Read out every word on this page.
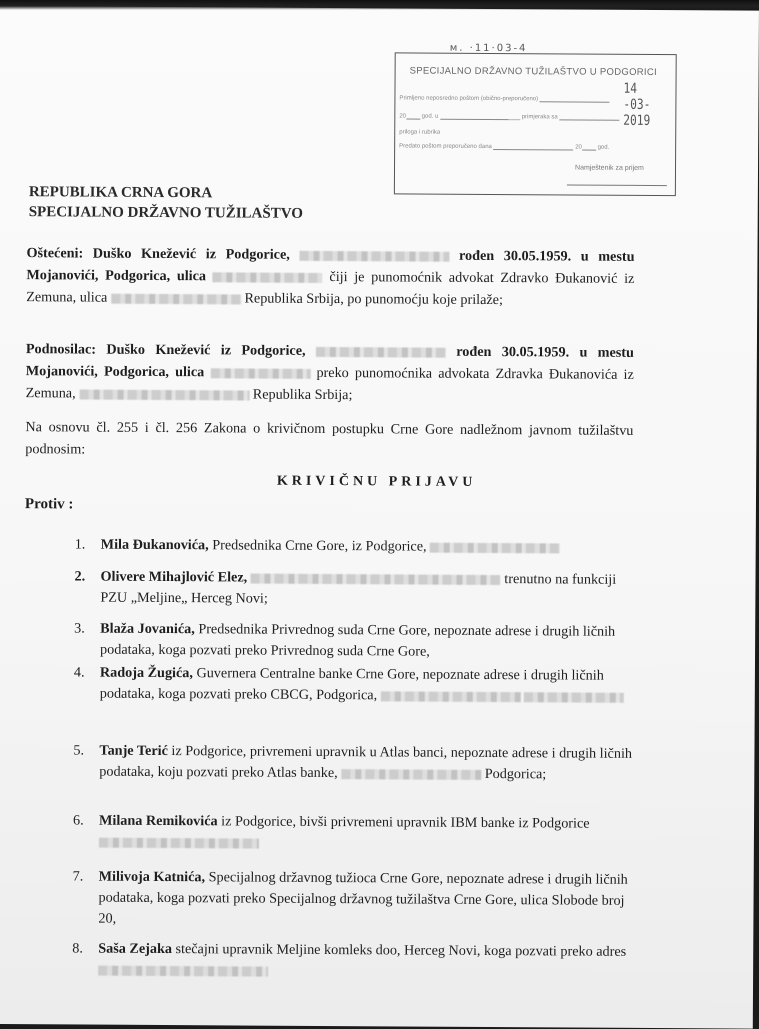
м. ·11·03-4
SPECIJALNO DRŽAVNO TUŽILAŠTVO U PODGORICI
14 -03- 2019
Primljeno neposredno poštom (obično-preporučeno)
20	god. u	primjeraka sa
priloga i rubrika
Predato poštom preporučeno dana	20	god.
Namještenik za prijem
REPUBLIKA CRNA GORA
SPECIJALNO DRŽAVNO TUŽILAŠTVO
Oštećeni: Duško Knežević iz Podgorice,	rođen 30.05.1959. u mestu Mojanovići, Podgorica, ulica	čiji je punomoćnik advokat Zdravko Đukanović iz Zemuna, ulica	Republika Srbija, po punomoćju koje prilaže;
Podnosilac: Duško Knežević iz Podgorice,	rođen 30.05.1959. u mestu Mojanovići, Podgorica, ulica	preko punomoćnika advokata Zdravka Đukanovića iz Zemuna,	Republika Srbija;
Na osnovu čl. 255 i čl. 256 Zakona o krivičnom postupku Crne Gore nadležnom javnom tužilaštvu podnosim:
KRIVIČNU PRIJAVU
Protiv :
1.	Mila Đukanovića, Predsednika Crne Gore, iz Podgorice,
2.	Olivere Mihajlović Elez,	trenutno na funkciji PZU „Meljine„ Herceg Novi;
3.	Blaža Jovanića, Predsednika Privrednog suda Crne Gore, nepoznate adrese i drugih ličnih podataka, koga pozvati preko Privrednog suda Crne Gore,
4.	Radoja Žugića, Guvernera Centralne banke Crne Gore, nepoznate adrese i drugih ličnih podataka, koga pozvati preko CBCG, Podgorica,
5.	Tanje Terić iz Podgorice, privremeni upravnik u Atlas banci, nepoznate adrese i drugih ličnih podataka, koju pozvati preko Atlas banke,	Podgorica;
6.	Milana Remikovića iz Podgorice, bivši privremeni upravnik IBM banke iz Podgorice
7.	Milivoja Katnića, Specijalnog državnog tužioca Crne Gore, nepoznate adrese i drugih ličnih podataka, koga pozvati preko Specijalnog državnog tužilaštva Crne Gore, ulica Slobode broj 20,
8.	Saša Zejaka stečajni upravnik Meljine komleks doo, Herceg Novi, koga pozvati preko adres
